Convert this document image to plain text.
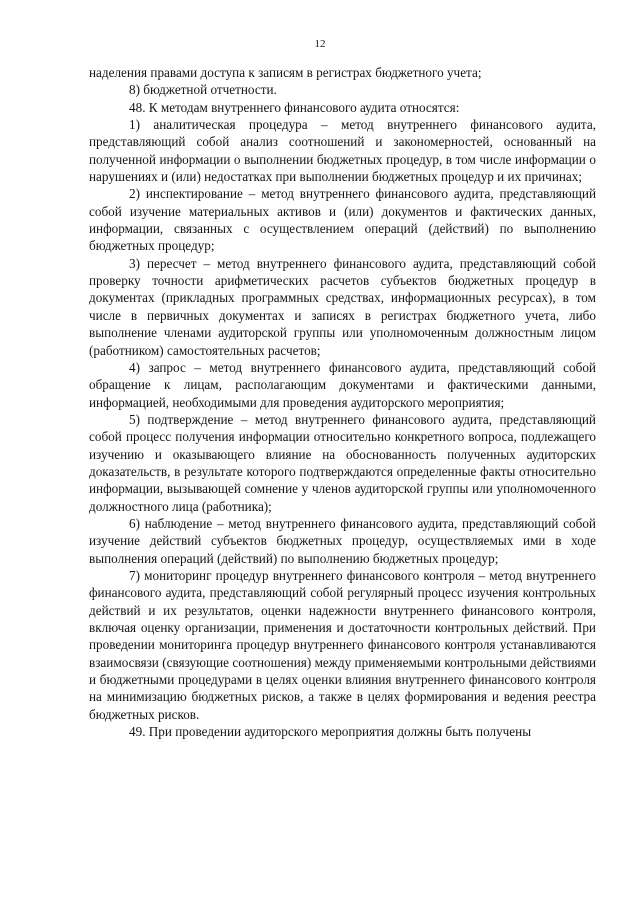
12

наделения правами доступа к записям в регистрах бюджетного учета;

8) бюджетной отчетности.

48. К методам внутреннего финансового аудита относятся:

1) аналитическая процедура – метод внутреннего финансового аудита, представляющий собой анализ соотношений и закономерностей, основанный на полученной информации о выполнении бюджетных процедур, в том числе информации о нарушениях и (или) недостатках при выполнении бюджетных процедур и их причинах;

2) инспектирование – метод внутреннего финансового аудита, представляющий собой изучение материальных активов и (или) документов и фактических данных, информации, связанных с осуществлением операций (действий) по выполнению бюджетных процедур;

3) пересчет – метод внутреннего финансового аудита, представляющий собой проверку точности арифметических расчетов субъектов бюджетных процедур в документах (прикладных программных средствах, информационных ресурсах), в том числе в первичных документах и записях в регистрах бюджетного учета, либо выполнение членами аудиторской группы или уполномоченным должностным лицом (работником) самостоятельных расчетов;

4) запрос – метод внутреннего финансового аудита, представляющий собой обращение к лицам, располагающим документами и фактическими данными, информацией, необходимыми для проведения аудиторского мероприятия;

5) подтверждение – метод внутреннего финансового аудита, представляющий собой процесс получения информации относительно конкретного вопроса, подлежащего изучению и оказывающего влияние на обоснованность полученных аудиторских доказательств, в результате которого подтверждаются определенные факты относительно информации, вызывающей сомнение у членов аудиторской группы или уполномоченного должностного лица (работника);

6) наблюдение – метод внутреннего финансового аудита, представляющий собой изучение действий субъектов бюджетных процедур, осуществляемых ими в ходе выполнения операций (действий) по выполнению бюджетных процедур;

7) мониторинг процедур внутреннего финансового контроля – метод внутреннего финансового аудита, представляющий собой регулярный процесс изучения контрольных действий и их результатов, оценки надежности внутреннего финансового контроля, включая оценку организации, применения и достаточности контрольных действий. При проведении мониторинга процедур внутреннего финансового контроля устанавливаются взаимосвязи (связующие соотношения) между применяемыми контрольными действиями и бюджетными процедурами в целях оценки влияния внутреннего финансового контроля на минимизацию бюджетных рисков, а также в целях формирования и ведения реестра бюджетных рисков.

49. При проведении аудиторского мероприятия должны быть получены
